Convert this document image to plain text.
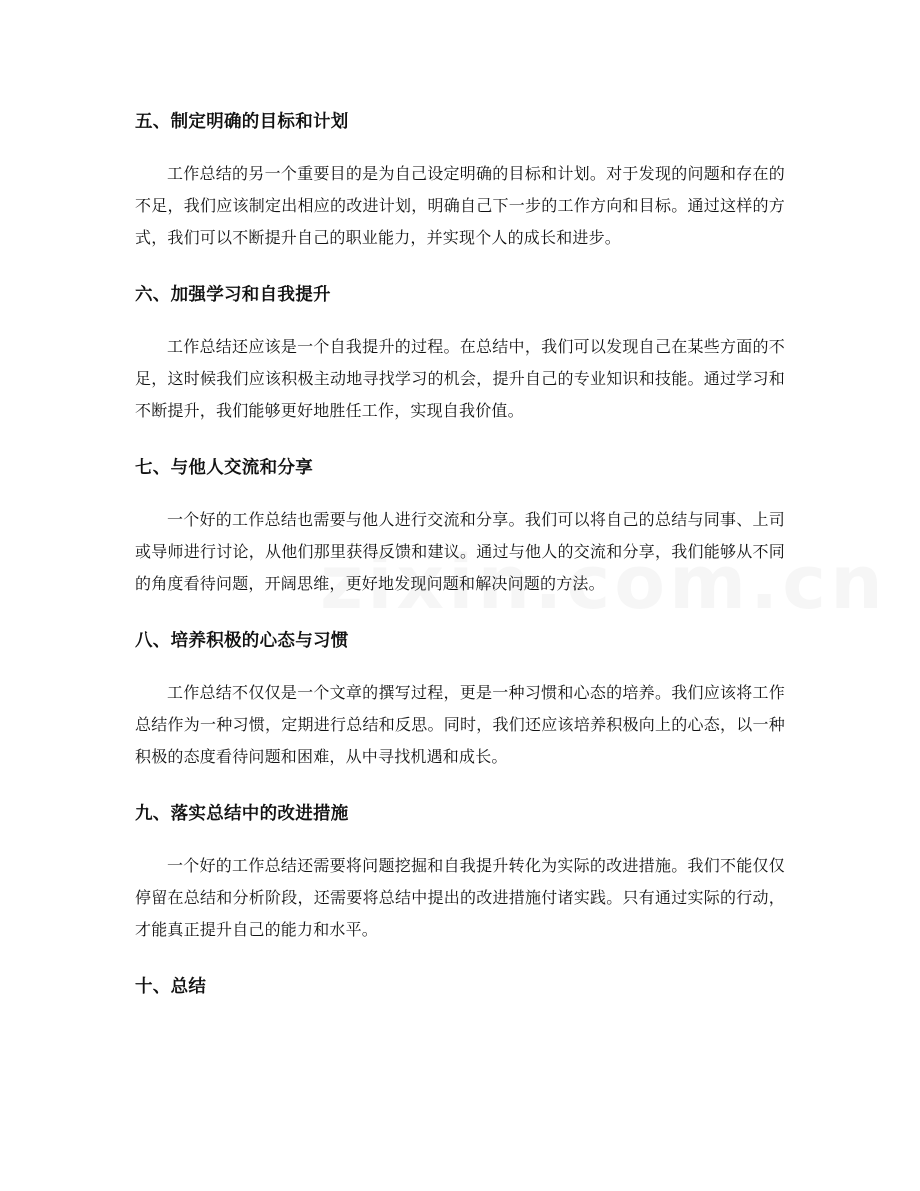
五、制定明确的目标和计划

工作总结的另一个重要目的是为自己设定明确的目标和计划。对于发现的问题和存在的不足，我们应该制定出相应的改进计划，明确自己下一步的工作方向和目标。通过这样的方式，我们可以不断提升自己的职业能力，并实现个人的成长和进步。

六、加强学习和自我提升

工作总结还应该是一个自我提升的过程。在总结中，我们可以发现自己在某些方面的不足，这时候我们应该积极主动地寻找学习的机会，提升自己的专业知识和技能。通过学习和不断提升，我们能够更好地胜任工作，实现自我价值。

七、与他人交流和分享

一个好的工作总结也需要与他人进行交流和分享。我们可以将自己的总结与同事、上司或导师进行讨论，从他们那里获得反馈和建议。通过与他人的交流和分享，我们能够从不同的角度看待问题，开阔思维，更好地发现问题和解决问题的方法。

八、培养积极的心态与习惯

工作总结不仅仅是一个文章的撰写过程，更是一种习惯和心态的培养。我们应该将工作总结作为一种习惯，定期进行总结和反思。同时，我们还应该培养积极向上的心态，以一种积极的态度看待问题和困难，从中寻找机遇和成长。

九、落实总结中的改进措施

一个好的工作总结还需要将问题挖掘和自我提升转化为实际的改进措施。我们不能仅仅停留在总结和分析阶段，还需要将总结中提出的改进措施付诸实践。只有通过实际的行动，才能真正提升自己的能力和水平。

十、总结
